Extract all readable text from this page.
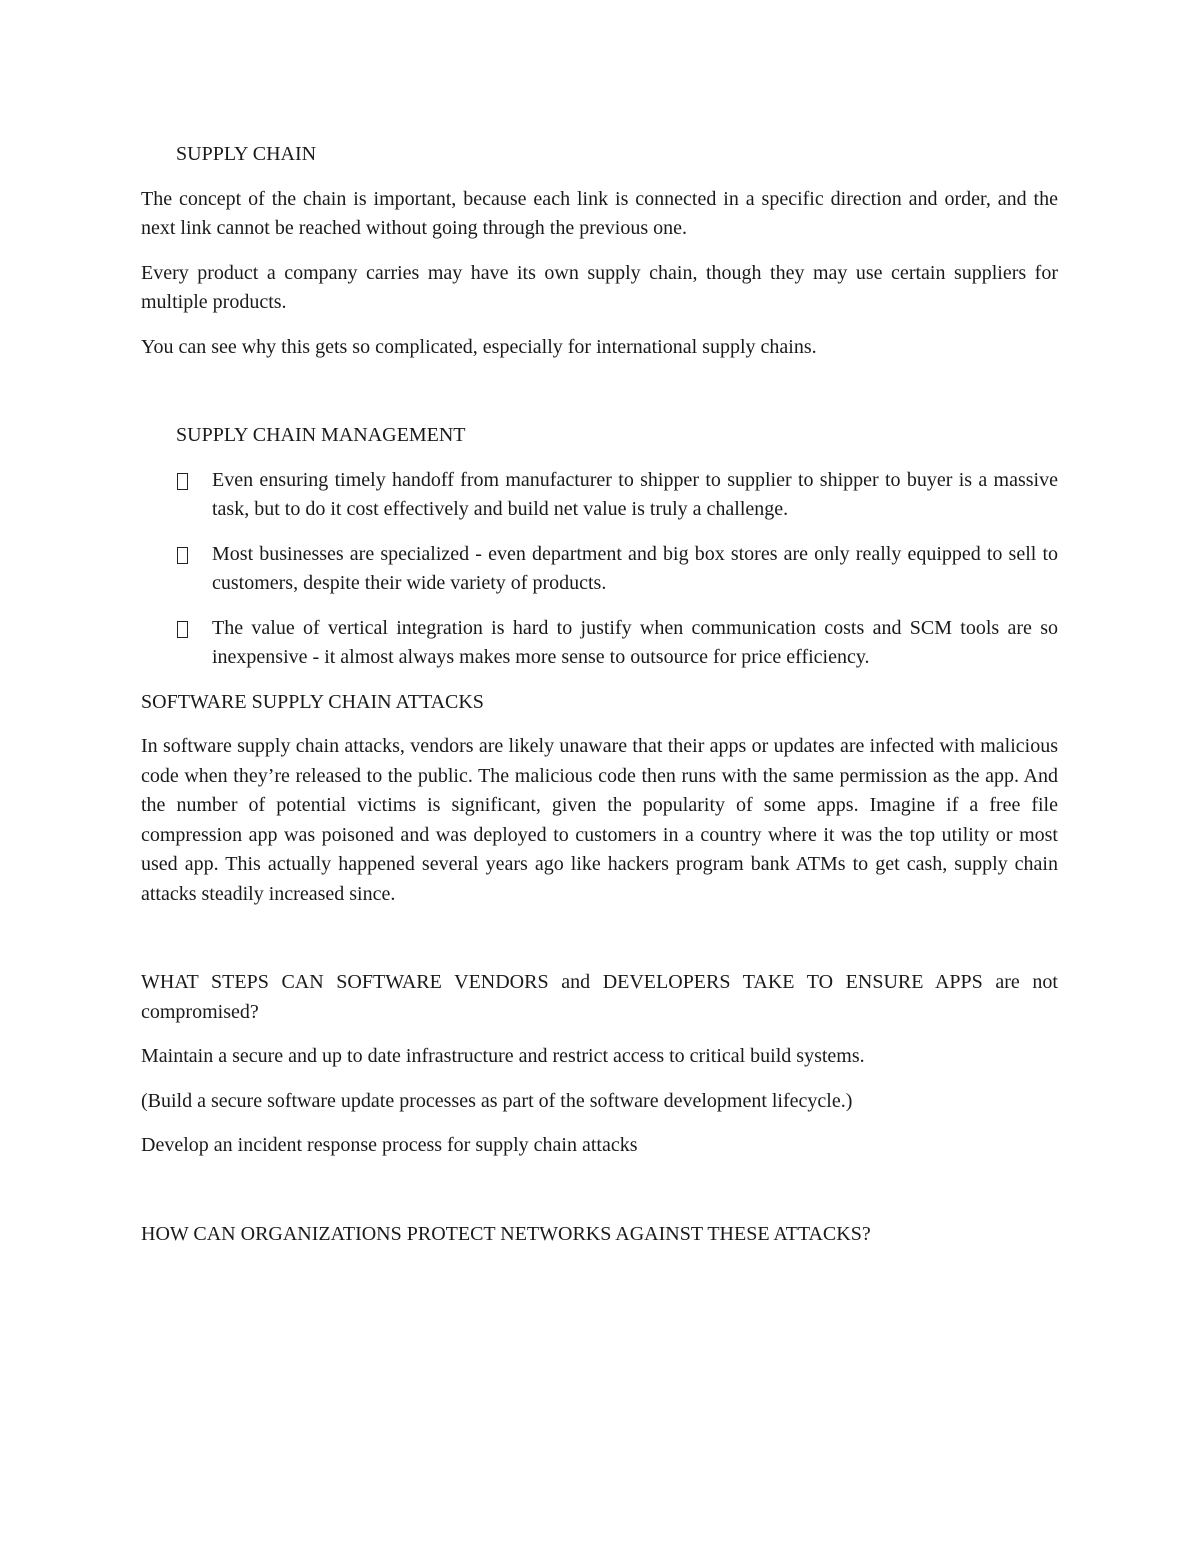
SUPPLY CHAIN

The concept of the chain is important, because each link is connected in a specific direction and order, and the next link cannot be reached without going through the previous one.

Every product a company carries may have its own supply chain, though they may use certain suppliers for multiple products.

You can see why this gets so complicated, especially for international supply chains.

SUPPLY CHAIN MANAGEMENT

Even ensuring timely handoff from manufacturer to shipper to supplier to shipper to buyer is a massive task, but to do it cost effectively and build net value is truly a challenge.
Most businesses are specialized - even department and big box stores are only really equipped to sell to customers, despite their wide variety of products.
The value of vertical integration is hard to justify when communication costs and SCM tools are so inexpensive - it almost always makes more sense to outsource for price efficiency.

SOFTWARE SUPPLY CHAIN ATTACKS

In software supply chain attacks, vendors are likely unaware that their apps or updates are infected with malicious code when they’re released to the public. The malicious code then runs with the same permission as the app. And the number of potential victims is significant, given the popularity of some apps. Imagine if a free file compression app was poisoned and was deployed to customers in a country where it was the top utility or most used app. This actually happened several years ago like hackers program bank ATMs to get cash, supply chain attacks steadily increased since.

WHAT STEPS CAN SOFTWARE VENDORS and DEVELOPERS TAKE TO ENSURE APPS are not compromised?

Maintain a secure and up to date infrastructure and restrict access to critical build systems.

(Build a secure software update processes as part of the software development lifecycle.)

Develop an incident response process for supply chain attacks

HOW CAN ORGANIZATIONS PROTECT NETWORKS AGAINST THESE ATTACKS?
